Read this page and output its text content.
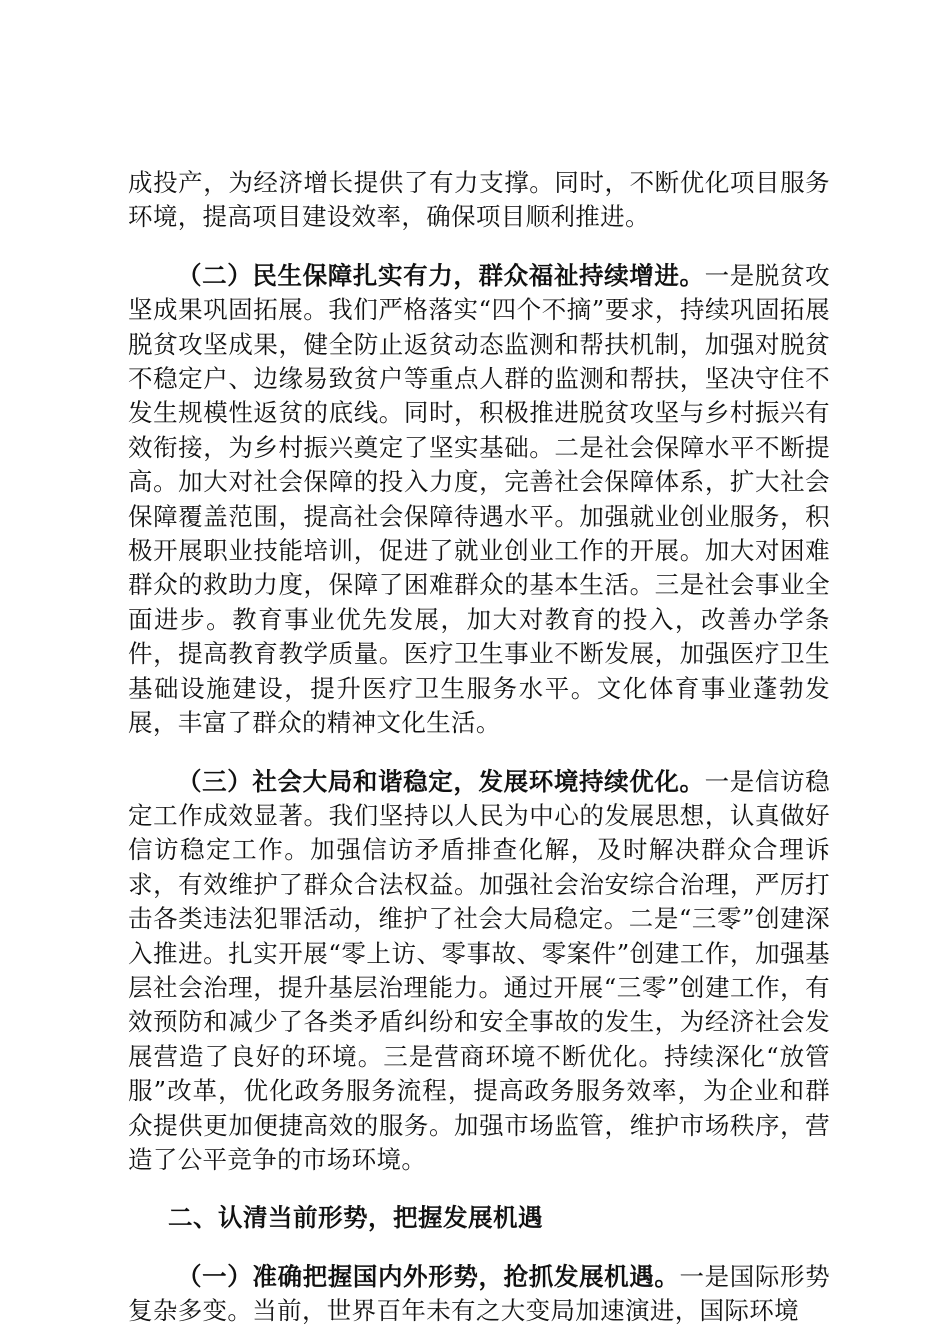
成投产，为经济增长提供了有力支撑。同时，不断优化项目服务环境，提高项目建设效率，确保项目顺利推进。

（二）民生保障扎实有力，群众福祉持续增进。一是脱贫攻坚成果巩固拓展。我们严格落实“四个不摘”要求，持续巩固拓展脱贫攻坚成果，健全防止返贫动态监测和帮扶机制，加强对脱贫不稳定户、边缘易致贫户等重点人群的监测和帮扶，坚决守住不发生规模性返贫的底线。同时，积极推进脱贫攻坚与乡村振兴有效衔接，为乡村振兴奠定了坚实基础。二是社会保障水平不断提高。加大对社会保障的投入力度，完善社会保障体系，扩大社会保障覆盖范围，提高社会保障待遇水平。加强就业创业服务，积极开展职业技能培训，促进了就业创业工作的开展。加大对困难群众的救助力度，保障了困难群众的基本生活。三是社会事业全面进步。教育事业优先发展，加大对教育的投入，改善办学条件，提高教育教学质量。医疗卫生事业不断发展，加强医疗卫生基础设施建设，提升医疗卫生服务水平。文化体育事业蓬勃发展，丰富了群众的精神文化生活。

（三）社会大局和谐稳定，发展环境持续优化。一是信访稳定工作成效显著。我们坚持以人民为中心的发展思想，认真做好信访稳定工作。加强信访矛盾排查化解，及时解决群众合理诉求，有效维护了群众合法权益。加强社会治安综合治理，严厉打击各类违法犯罪活动，维护了社会大局稳定。二是“三零”创建深入推进。扎实开展“零上访、零事故、零案件”创建工作，加强基层社会治理，提升基层治理能力。通过开展“三零”创建工作，有效预防和减少了各类矛盾纠纷和安全事故的发生，为经济社会发展营造了良好的环境。三是营商环境不断优化。持续深化“放管服”改革，优化政务服务流程，提高政务服务效率，为企业和群众提供更加便捷高效的服务。加强市场监管，维护市场秩序，营造了公平竞争的市场环境。

二、认清当前形势，把握发展机遇

（一）准确把握国内外形势，抢抓发展机遇。一是国际形势复杂多变。当前，世界百年未有之大变局加速演进，国际环境
